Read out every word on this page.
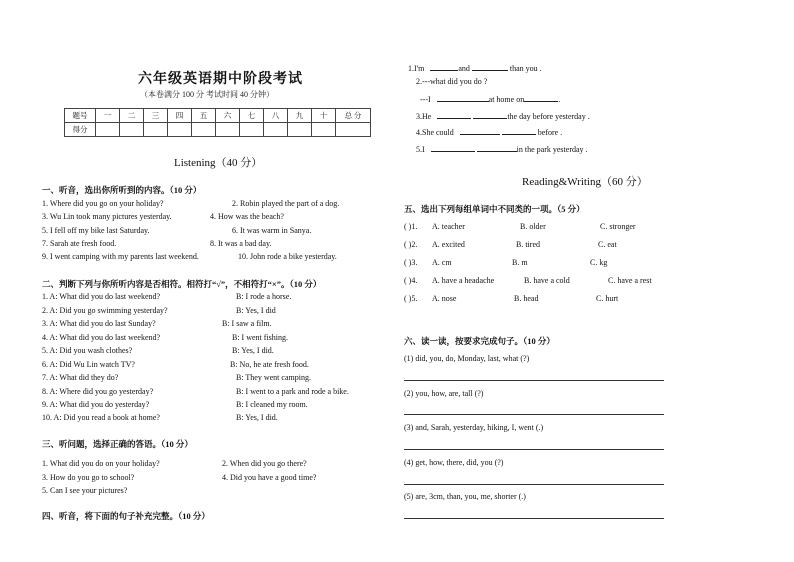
六年级英语期中阶段考试
（本卷满分 100 分 考试时间 40 分钟）
题号	一	二	三	四	五	六	七	八	九	十	总 分
得分											
Listening（40 分）
一、听音，选出你所听到的内容。（10 分）
1. Where did you go on your holiday?	2. Robin played the part of a dog.
3. Wu Lin took many pictures yesterday.	4. How was the beach?
5. I fell off my bike last Saturday.	6. It was warm in Sanya.
7. Sarah ate fresh food.	8. It was a bad day.
9. I went camping with my parents last weekend.	10. John rode a bike yesterday.
二、判断下列与你所听内容是否相符。相符打“√”，不相符打“×”。（10 分）
1. A: What did you do last weekend?	B: I rode a horse.
2. A: Did you go swimming yesterday?	B: Yes, I did
3. A: What did you do last Sunday?	B: I saw a film.
4. A: What did you do last weekend?	B: I went fishing.
5. A: Did you wash clothes?	B: Yes, I did.
6. A: Did Wu Lin watch TV?	B: No, he ate fresh food.
7. A: What did they do?	B: They went camping.
8. A: Where did you go yesterday?	B: I went to a park and rode a bike.
9. A: What did you do yesterday?	B: I cleaned my room.
10. A: Did you read a book at home?	B: Yes, I did.
三、听问题，选择正确的答语。（10 分）
1. What did you do on your holiday?	2. When did you go there?
3. How do you go to school?	4. Did you have a good time?
5. Can I see your pictures?
四、听音，将下面的句子补充完整。（10 分）
1.I'm	and	than you .
2.---what did you do ?
---I	at home on	.
3.He	the day before yesterday .
4.She could	before .
5.I	in the park yesterday .
Reading&Writing（60 分）
五、选出下列每组单词中不同类的一项。（5 分）
( )1. A. teacher	B. older	C. stronger
( )2. A. excited	B. tired	C. eat
( )3. A. cm	B. m	C. kg
( )4. A. have a headache	B. have a cold	C. have a rest
( )5. A. nose	B. head	C. hurt
六、读一读，按要求完成句子。（10 分）
(1) did, you, do, Monday, last, what (?)
(2) you, how, are, tall (?)
(3) and, Sarah, yesterday, hiking, I, went (.)
(4) get, how, there, did, you (?)
(5) are, 3cm, than, you, me, shorter (.)
